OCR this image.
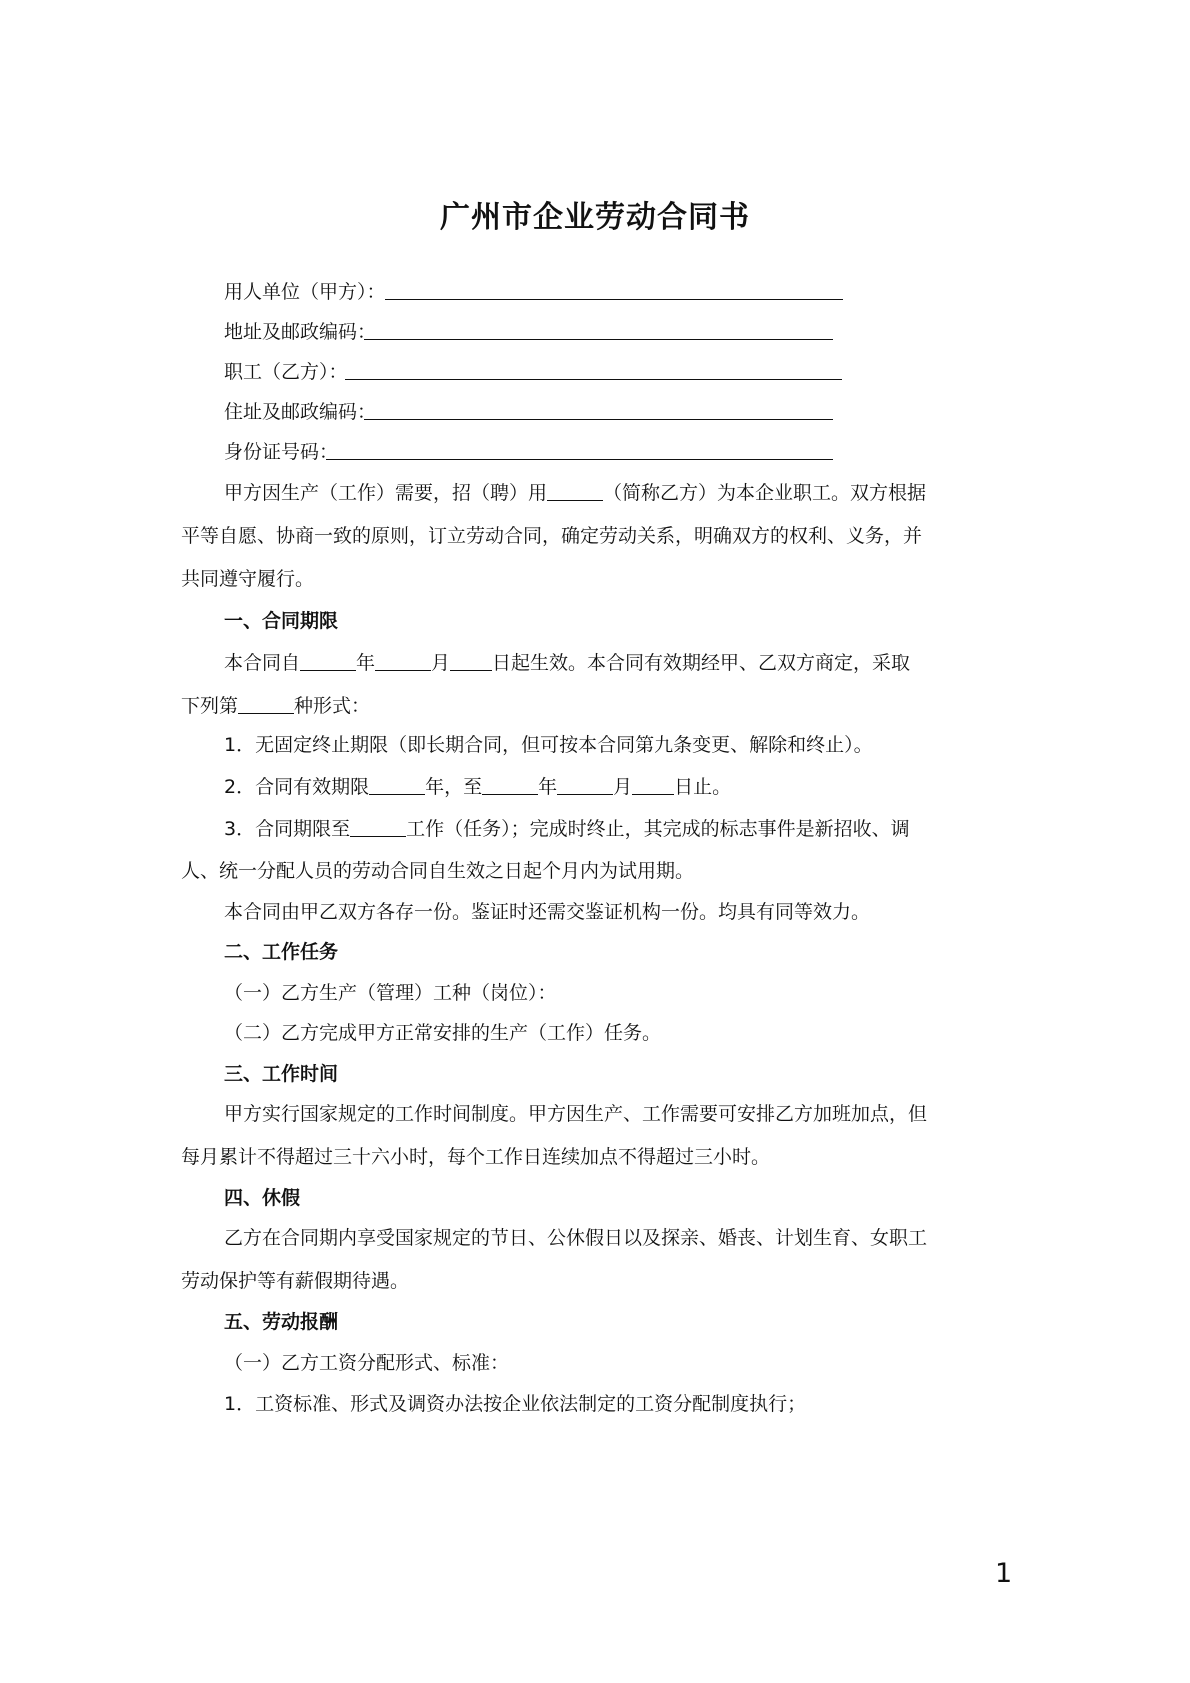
广州市企业劳动合同书
用人单位（甲方）：
地址及邮政编码：
职工（乙方）：
住址及邮政编码：
身份证号码：
甲方因生产（工作）需要，招（聘）用	（简称乙方）为本企业职工。双方根据
平等自愿、协商一致的原则，订立劳动合同，确定劳动关系，明确双方的权利、义务，并
共同遵守履行。
一、合同期限
本合同自	年	月 日起生效。本合同有效期经甲、乙双方商定，采取
下列第	种形式：
1．无固定终止期限（即长期合同，但可按本合同第九条变更、解除和终止）。
2．合同有效期限	年，至	年	月 日止。
3．合同期限至	工作（任务）；完成时终止，其完成的标志事件是新招收、调
人、统一分配人员的劳动合同自生效之日起个月内为试用期。
本合同由甲乙双方各存一份。鉴证时还需交鉴证机构一份。均具有同等效力。
二、工作任务
（一）乙方生产（管理）工种（岗位）：
（二）乙方完成甲方正常安排的生产（工作）任务。
三、工作时间
甲方实行国家规定的工作时间制度。甲方因生产、工作需要可安排乙方加班加点，但
每月累计不得超过三十六小时，每个工作日连续加点不得超过三小时。
四、休假
乙方在合同期内享受国家规定的节日、公休假日以及探亲、婚丧、计划生育、女职工
劳动保护等有薪假期待遇。
五、劳动报酬
（一）乙方工资分配形式、标准：
1．工资标准、形式及调资办法按企业依法制定的工资分配制度执行；
1
